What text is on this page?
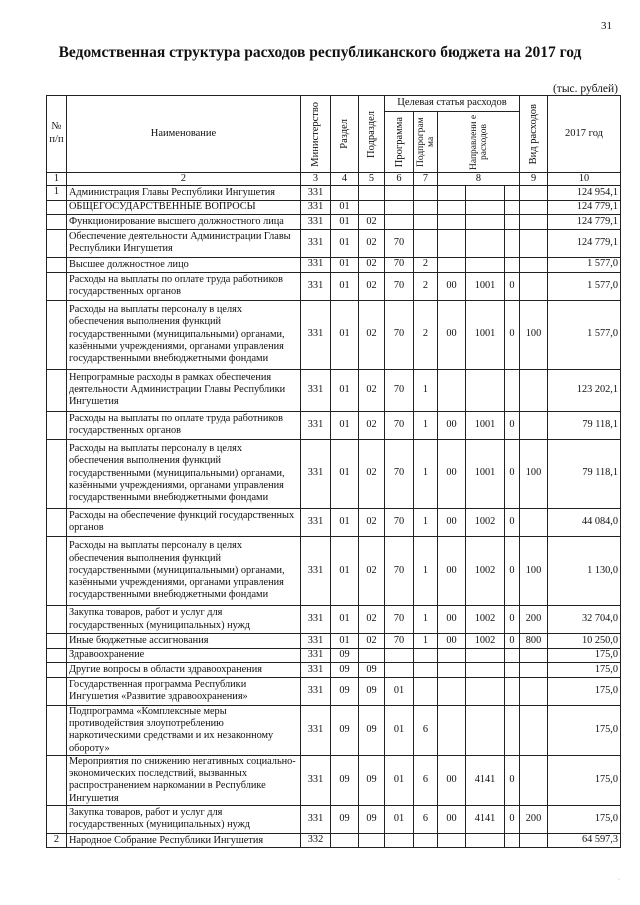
31
Ведомственная структура расходов республиканского бюджета на 2017 год
(тыс. рублей)
№ п/п	Наименование	Министерство	Раздел	Подраздел	Целевая статья расходов					Вид расходов	2017 год

					Программа	Подпрограм ма	Направлени е расходов				

1	2	3	4	5	6	7	8			9	10
1	Администрация Главы Республики Ингушетия	331									124 954,1
	ОБЩЕГОСУДАРСТВЕННЫЕ ВОПРОСЫ	331	01								124 779,1
	Функционирование высшего должностного лица	331	01	02							124 779,1
	Обеспечение деятельности Администрации Главы Республики Ингушетия	331	01	02	70						124 779,1
	Высшее должностное лицо	331	01	02	70	2					1 577,0
	Расходы на выплаты по оплате труда работников государственных органов	331	01	02	70	2	00	1001	0		1 577,0
	Расходы на выплаты персоналу в целях обеспечения выполнения функций государственными (муниципальными) органами, казёнными учреждениями, органами управления государственными внебюджетными фондами	331	01	02	70	2	00	1001	0	100	1 577,0
	Непрограмные расходы в рамках обеспечения деятельности Администрации Главы Республики Ингушетия	331	01	02	70	1					123 202,1
	Расходы на выплаты по оплате труда работников государственных органов	331	01	02	70	1	00	1001	0		79 118,1
	Расходы на выплаты персоналу в целях обеспечения выполнения функций государственными (муниципальными) органами, казёнными учреждениями, органами управления государственными внебюджетными фондами	331	01	02	70	1	00	1001	0	100	79 118,1
	Расходы на обеспечение функций государственных органов	331	01	02	70	1	00	1002	0		44 084,0
	Расходы на выплаты персоналу в целях обеспечения выполнения функций государственными (муниципальными) органами, казёнными учреждениями, органами управления государственными внебюджетными фондами	331	01	02	70	1	00	1002	0	100	1 130,0
	Закупка товаров, работ и услуг для государственных (муниципальных) нужд	331	01	02	70	1	00	1002	0	200	32 704,0
	Иные бюджетные ассигнования	331	01	02	70	1	00	1002	0	800	10 250,0
	Здравоохранение	331	09								175,0
	Другие вопросы в области здравоохранения	331	09	09							175,0
	Государственная программа Республики Ингушетия «Развитие здравоохранения»	331	09	09	01						175,0
	Подпрограмма «Комплексные меры противодействия злоупотреблению наркотическими средствами и их незаконному обороту»	331	09	09	01	6					175,0
	Мероприятия по снижению негативных социально-экономических последствий, вызванных распространением наркомании в Республике Ингушетия	331	09	09	01	6	00	4141	0		175,0
	Закупка товаров, работ и услуг для государственных (муниципальных) нужд	331	09	09	01	6	00	4141	0	200	175,0
2	Народное Собрание Республики Ингушетия	332									64 597,3
·
